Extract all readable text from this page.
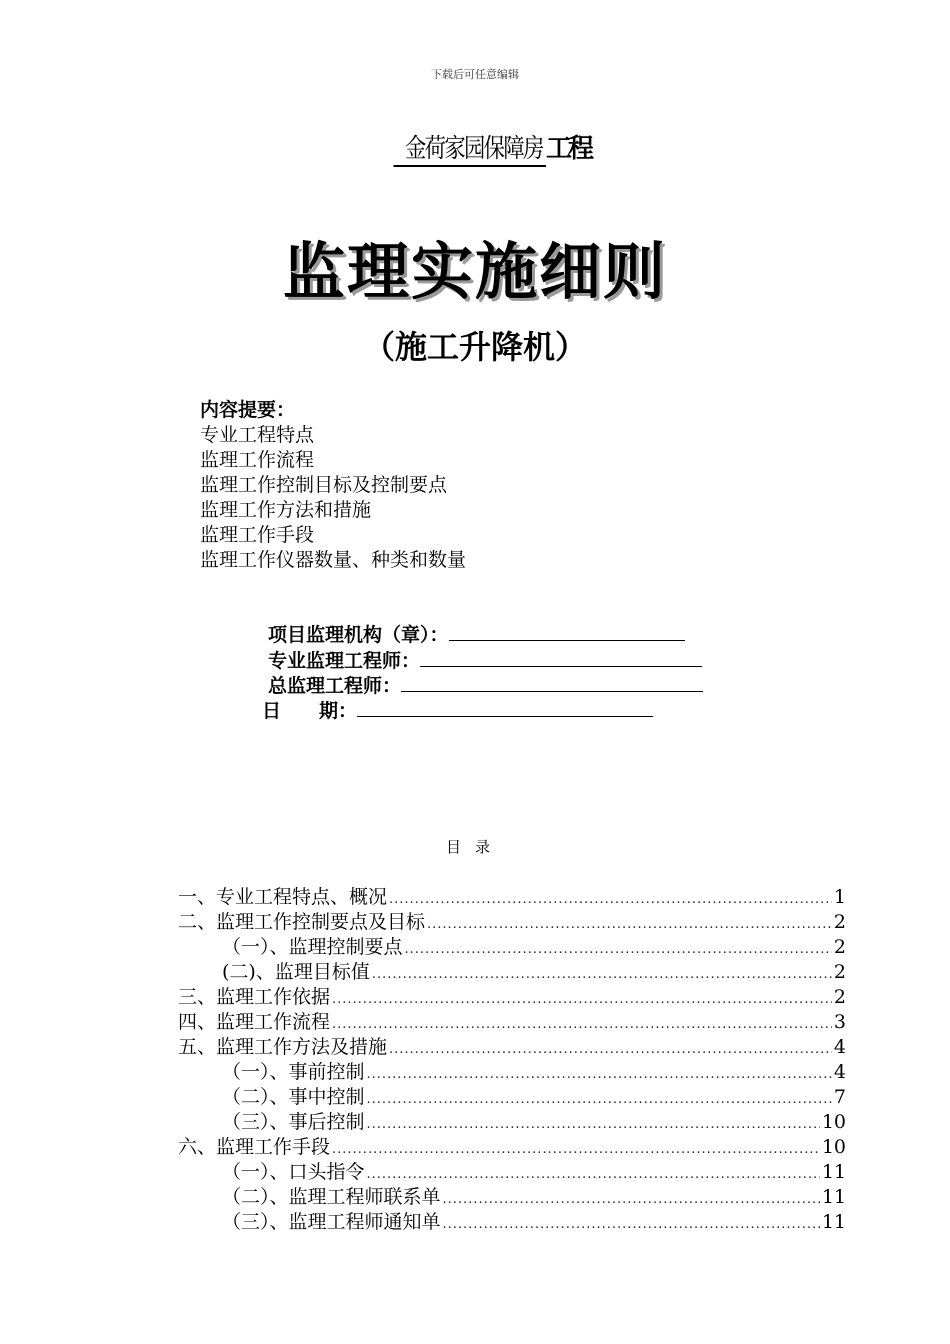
下载后可任意编辑
金荷家园保障房 工程
监理实施细则
（施工升降机）
内容提要：
专业工程特点
监理工作流程
监理工作控制目标及控制要点
监理工作方法和措施
监理工作手段
监理工作仪器数量、种类和数量
项目监理机构（章）：
专业监理工程师：
总监理工程师：
日　　期：
目录
一、专业工程特点、概况 .....	1
二、监理工作控制要点及目标 .....	2
（一）、监理控制要点 .....	2
(二)、监理目标值 .....	2
三、监理工作依据 .....	2
四、监理工作流程 .....	3
五、监理工作方法及措施 .....	4
（一）、事前控制 .....	4
（二）、事中控制 .....	7
（三）、事后控制 .....	10
六、监理工作手段 .....	10
（一）、口头指令 .....	11
（二）、监理工程师联系单 .....	11
（三）、监理工程师通知单 .....	11
